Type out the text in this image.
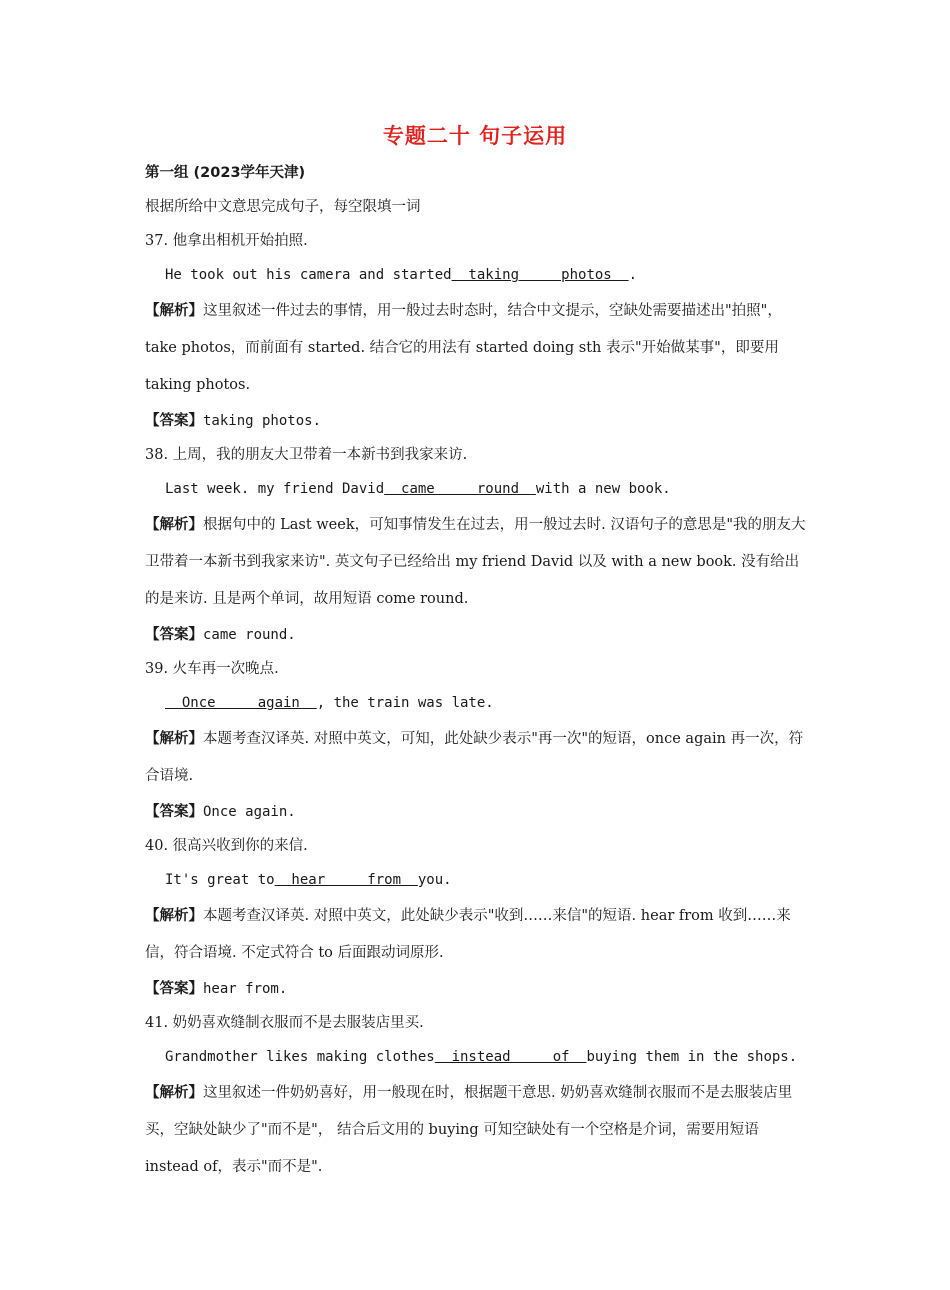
专题二十 句子运用
第一组 (2023学年天津)
根据所给中文意思完成句子，每空限填一词
37. 他拿出相机开始拍照.
He took out his camera and started  taking     photos  .
【解析】这里叙述一件过去的事情，用一般过去时态时，结合中文提示，空缺处需要描述出"拍照"，take photos，而前面有 started. 结合它的用法有 started doing sth 表示"开始做某事"，即要用 taking photos.
【答案】taking photos.
38. 上周，我的朋友大卫带着一本新书到我家来访.
Last week. my friend David  came     round  with a new book.
【解析】根据句中的 Last week，可知事情发生在过去，用一般过去时. 汉语句子的意思是"我的朋友大卫带着一本新书到我家来访". 英文句子已经给出 my friend David 以及 with a new book. 没有给出的是来访. 且是两个单词，故用短语 come round.
【答案】came round.
39. 火车再一次晚点.
Once     again  , the train was late.
【解析】本题考查汉译英. 对照中英文，可知，此处缺少表示"再一次"的短语，once again 再一次，符合语境.
【答案】Once again.
40. 很高兴收到你的来信.
It's great to  hear     from  you.
【解析】本题考查汉译英. 对照中英文，此处缺少表示"收到……来信"的短语. hear from 收到……来信，符合语境. 不定式符合 to 后面跟动词原形.
【答案】hear from.
41. 奶奶喜欢缝制衣服而不是去服装店里买.
Grandmother likes making clothes  instead     of  buying them in the shops.
【解析】这里叙述一件奶奶喜好，用一般现在时，根据题干意思. 奶奶喜欢缝制衣服而不是去服装店里买，空缺处缺少了"而不是"， 结合后文用的 buying 可知空缺处有一个空格是介词，需要用短语 instead of，表示"而不是".
